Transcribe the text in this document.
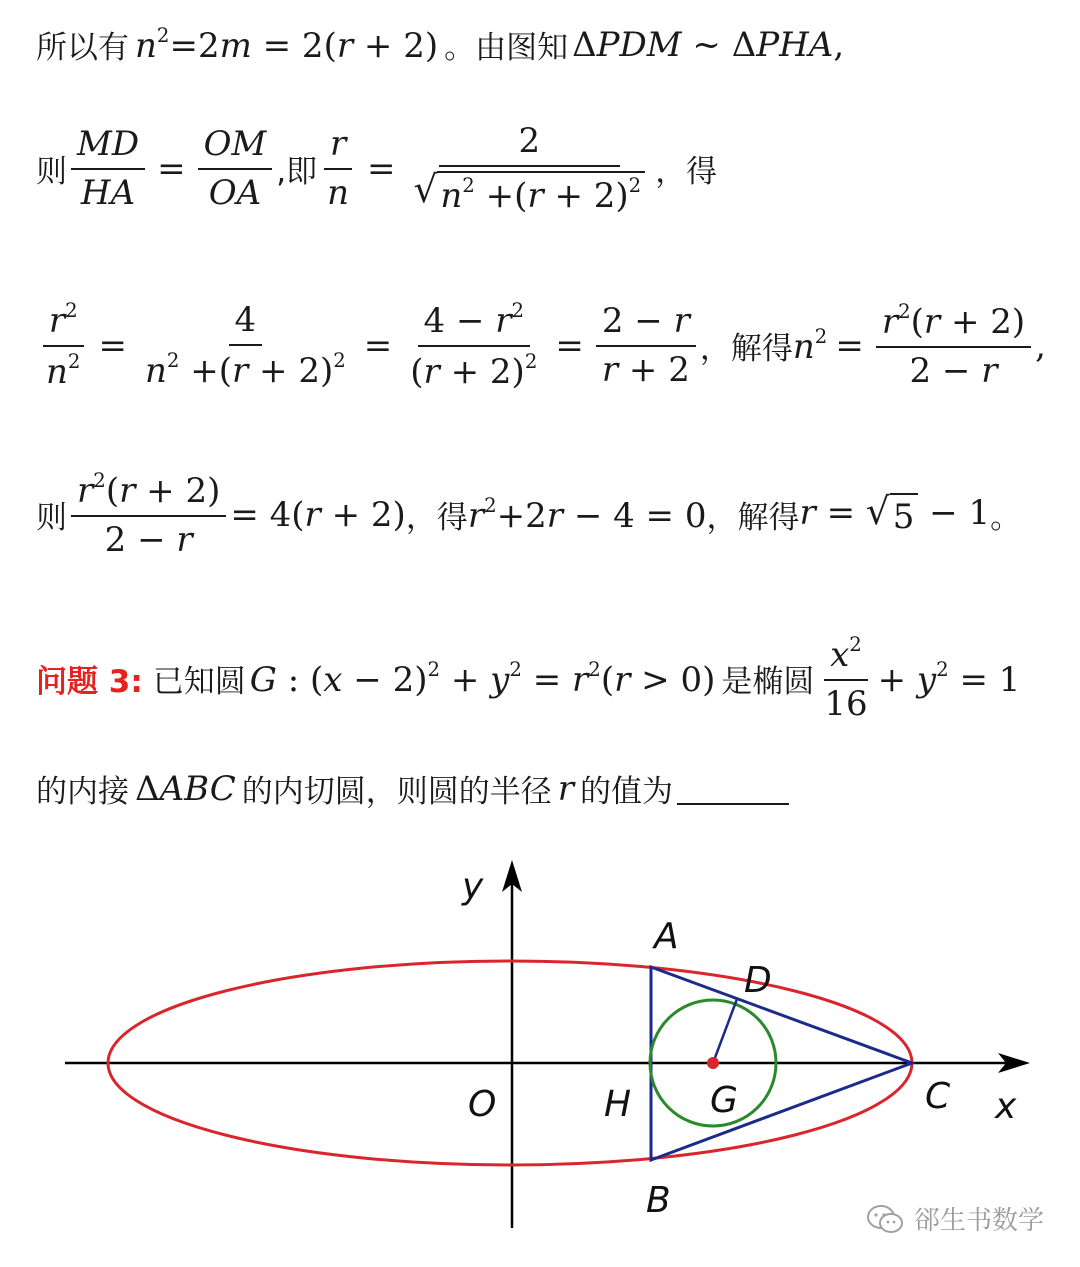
所以有 $n^2=2m = 2(r + 2)$ 。由图知 ΔPDM ~ ΔPHA,
则 $\frac{MD}{HA} = \frac{OM}{OA}$ ,即 $\frac{r}{n} = \frac{2}{√ n^2 +(r + 2)^2}$ ，得
$\frac{r^2}{n^2} = \frac{4}{n^2 +(r + 2)^2} = \frac{4 - r^2}{(r + 2)^2} = \frac{2 - r}{r + 2}$ ，解得 $n^2 = \frac{r^2(r + 2)}{2 - r}$ ,
则 $\frac{r^2(r + 2)}{2 - r} = 4(r + 2)$ ，得 $r^2+2r - 4 = 0$ ，解得 r = √ 5 − 1 。
问题 3: 已知圆 G : $(x - 2)^2 + y^2 = r^2(r > 0)$ 是椭圆 $\frac{x^2}{16} + y^2 = 1$
的内接 ΔABC 的内切圆，则圆的半径 r 的值为
y
x
O
A
B
C
D
G
H
郤生书数学
